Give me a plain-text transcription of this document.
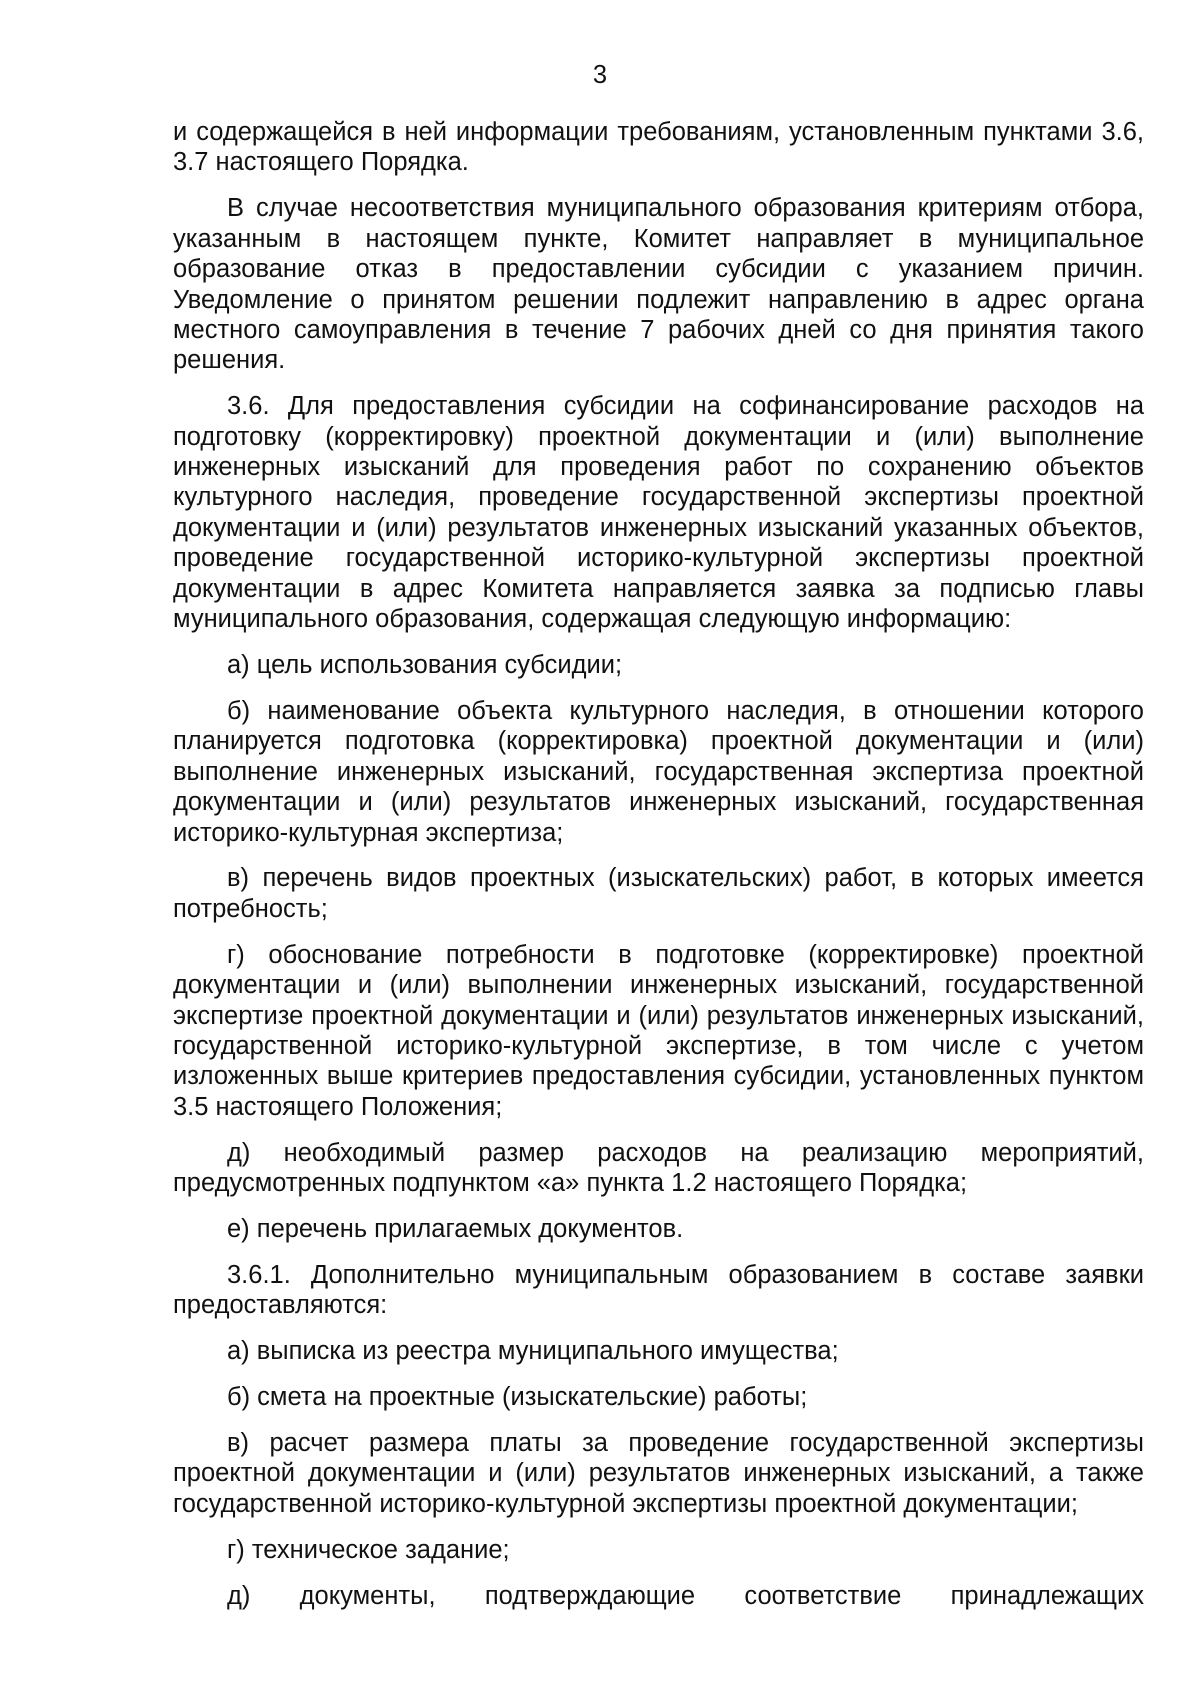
3

и содержащейся в ней информации требованиям, установленным пунктами 3.6, 3.7 настоящего Порядка.

В случае несоответствия муниципального образования критериям отбора, указанным в настоящем пункте, Комитет направляет в муниципальное образование отказ в предоставлении субсидии с указанием причин. Уведомление о принятом решении подлежит направлению в адрес органа местного самоуправления в течение 7 рабочих дней со дня принятия такого решения.

3.6. Для предоставления субсидии на софинансирование расходов на подготовку (корректировку) проектной документации и (или) выполнение инженерных изысканий для проведения работ по сохранению объектов культурного наследия, проведение государственной экспертизы проектной документации и (или) результатов инженерных изысканий указанных объектов, проведение государственной историко-культурной экспертизы проектной документации в адрес Комитета направляется заявка за подписью главы муниципального образования, содержащая следующую информацию:

а) цель использования субсидии;

б) наименование объекта культурного наследия, в отношении которого планируется подготовка (корректировка) проектной документации и (или) выполнение инженерных изысканий, государственная экспертиза проектной документации и (или) результатов инженерных изысканий, государственная историко-культурная экспертиза;

в) перечень видов проектных (изыскательских) работ, в которых имеется потребность;

г) обоснование потребности в подготовке (корректировке) проектной документации и (или) выполнении инженерных изысканий, государственной экспертизе проектной документации и (или) результатов инженерных изысканий, государственной историко-культурной экспертизе, в том числе с учетом изложенных выше критериев предоставления субсидии, установленных пунктом 3.5 настоящего Положения;

д) необходимый размер расходов на реализацию мероприятий, предусмотренных подпунктом «а» пункта 1.2 настоящего Порядка;

е) перечень прилагаемых документов.

3.6.1. Дополнительно муниципальным образованием в составе заявки предоставляются:

а) выписка из реестра муниципального имущества;

б) смета на проектные (изыскательские) работы;

в) расчет размера платы за проведение государственной экспертизы проектной документации и (или) результатов инженерных изысканий, а также государственной историко-культурной экспертизы проектной документации;

г) техническое задание;

д) документы, подтверждающие соответствие принадлежащих
